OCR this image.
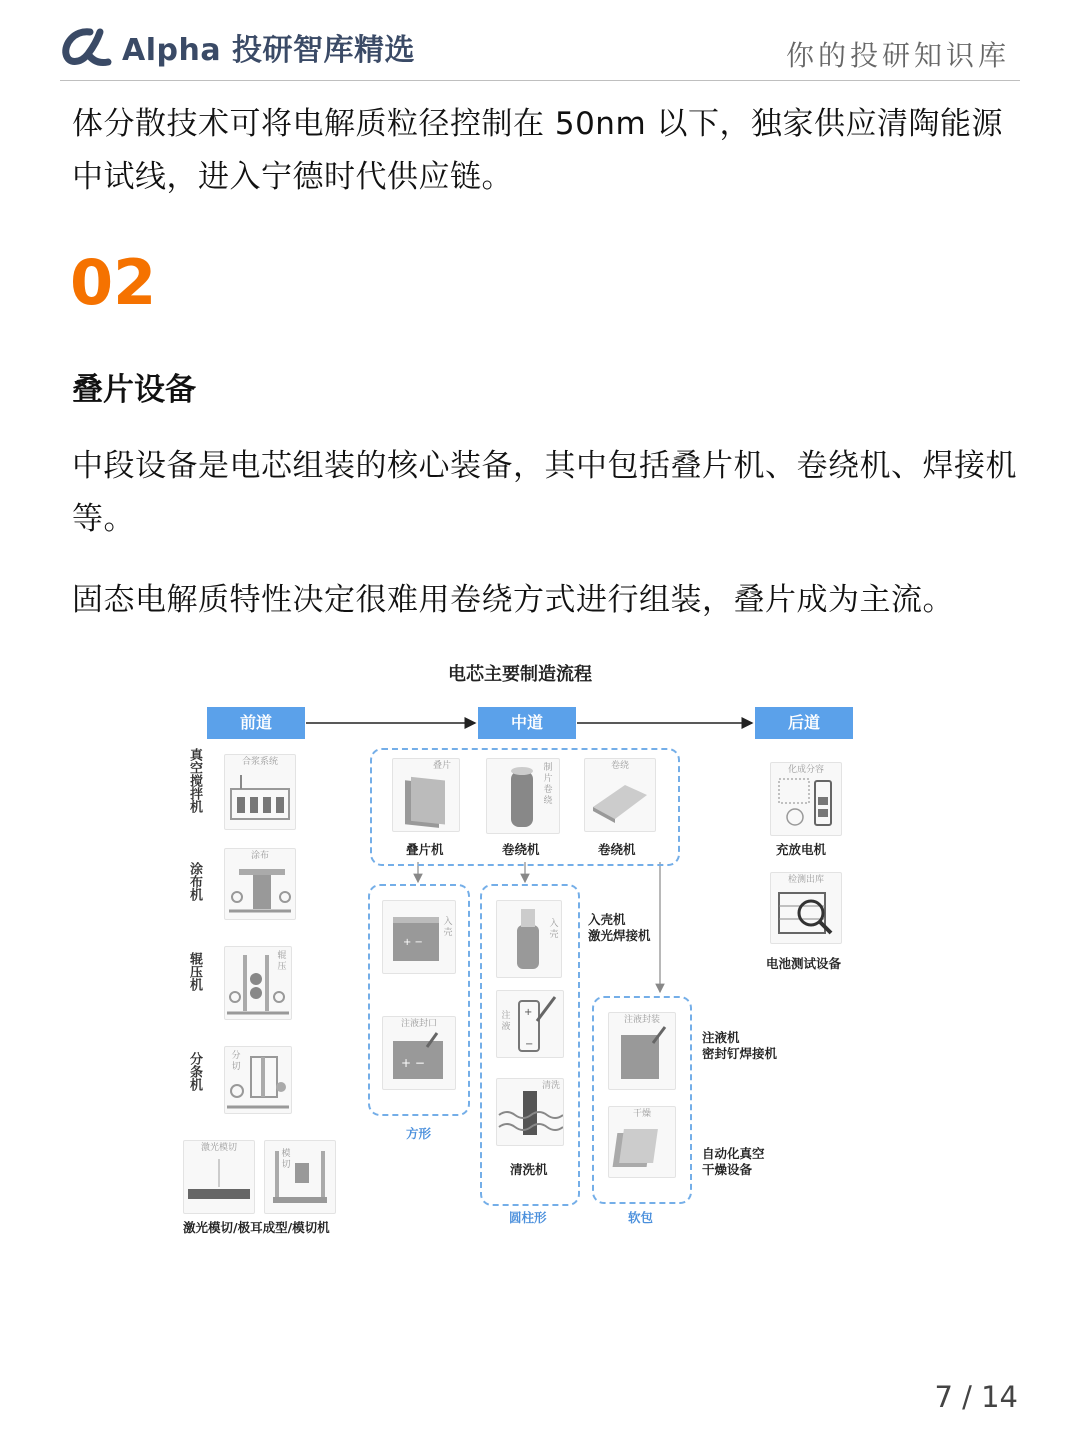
Alpha 投研智库精选	你的投研知识库
体分散技术可将电解质粒径控制在 50nm 以下，独家供应清陶能源中试线，进入宁德时代供应链。
02
叠片设备
中段设备是电芯组装的核心装备，其中包括叠片机、卷绕机、焊接机等。
固态电解质特性决定很难用卷绕方式进行组装，叠片成为主流。
电芯主要制造流程
前道	中道	后道
真空搅拌机
涂布机
辊压机
分条机
合浆系统
涂布
辊压
分切
激光模切
模切
激光模切/极耳成型/模切机
叠片
叠片机
制片卷绕
卷绕机
卷绕
卷绕机
入壳
+ −
注液封口
+ −
方形
入壳
注液
+
−
清洗
清洗机
圆柱形
入壳机
激光焊接机
注液封装
干燥
软包
注液机
密封钉焊接机
自动化真空
干燥设备
化成分容
充放电机
检测出库
电池测试设备
7 / 14
